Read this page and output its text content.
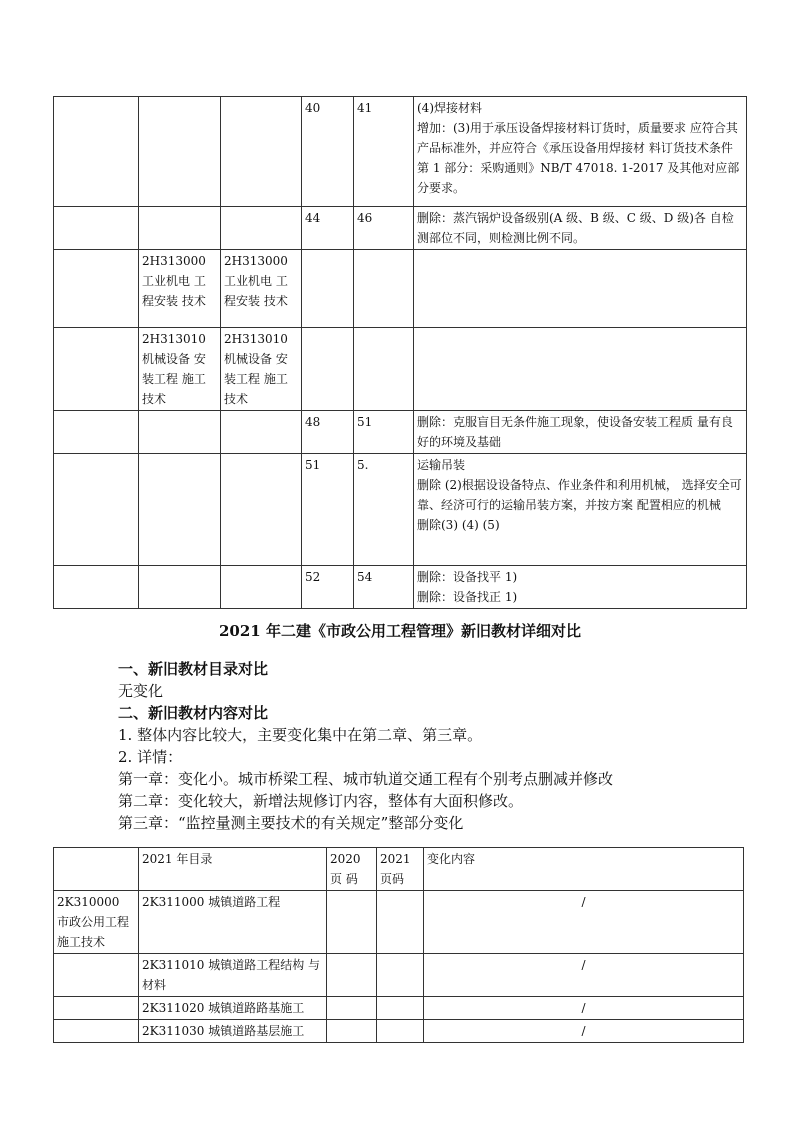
			40	41	(4)焊接材料
增加：(3)用于承压设备焊接材料订货时，质量要求 应符合其产品标准外，并应符合《承压设备用焊接材 料订货技术条件第 1 部分：采购通则》NB/T 47018. 1-2017 及其他对应部分要求。

			44	46	删除：蒸汽锅炉设备级别(A 级、B 级、C 级、D 级)各 自检测部位不同，则检测比例不同。

	2H313000 工业机电 工程安装 技术	2H313000 工业机电 工程安装 技术			
	2H313010 机械设备 安装工程 施工技术	2H313010 机械设备 安装工程 施工技术			
			48	51	删除：克服盲目无条件施工现象，使设备安装工程质 量有良好的环境及基础

			51	5.	运输吊装
删除 (2)根据设设备特点、作业条件和利用机械， 选择安全可靠、经济可行的运输吊装方案，并按方案 配置相应的机械
删除(3) (4) (5)

			52	54	删除：设备找平 1)
删除：设备找正 1)
2021 年二建《市政公用工程管理》新旧教材详细对比
一、新旧教材目录对比
无变化
二、新旧教材内容对比
1. 整体内容比较大，主要变化集中在第二章、第三章。
2. 详情：
第一章：变化小。城市桥梁工程、城市轨道交通工程有个别考点删减并修改
第二章：变化较大，新增法规修订内容，整体有大面积修改。
第三章：“监控量测主要技术的有关规定”整部分变化
	2021 年目录	2020 页 码	2021 页码	变化内容
2K310000 市政公用工程 施工技术	2K311000 城镇道路工程			/
	2K311010 城镇道路工程结构 与材料			/
	2K311020 城镇道路路基施工			/
	2K311030 城镇道路基层施工			/
